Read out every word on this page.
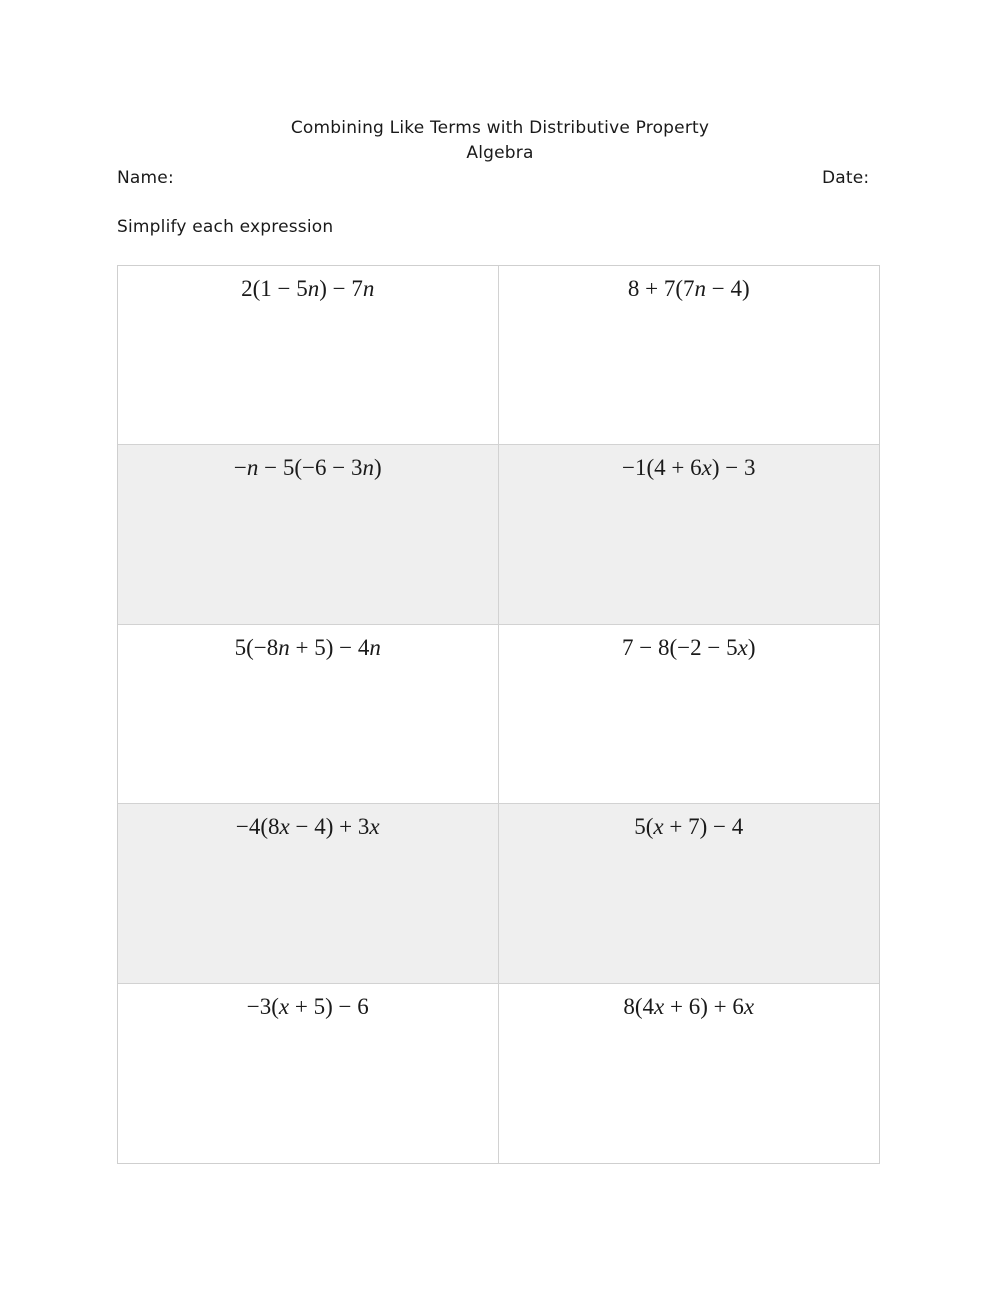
Combining Like Terms with Distributive Property
Algebra
Name:	Date:
Simplify each expression
2(1 − 5n) − 7n	8 + 7(7n − 4)
−n − 5(−6 − 3n)	−1(4 + 6x) − 3
5(−8n + 5) − 4n	7 − 8(−2 − 5x)
−4(8x − 4) + 3x	5(x + 7) − 4
−3(x + 5) − 6	8(4x + 6) + 6x
